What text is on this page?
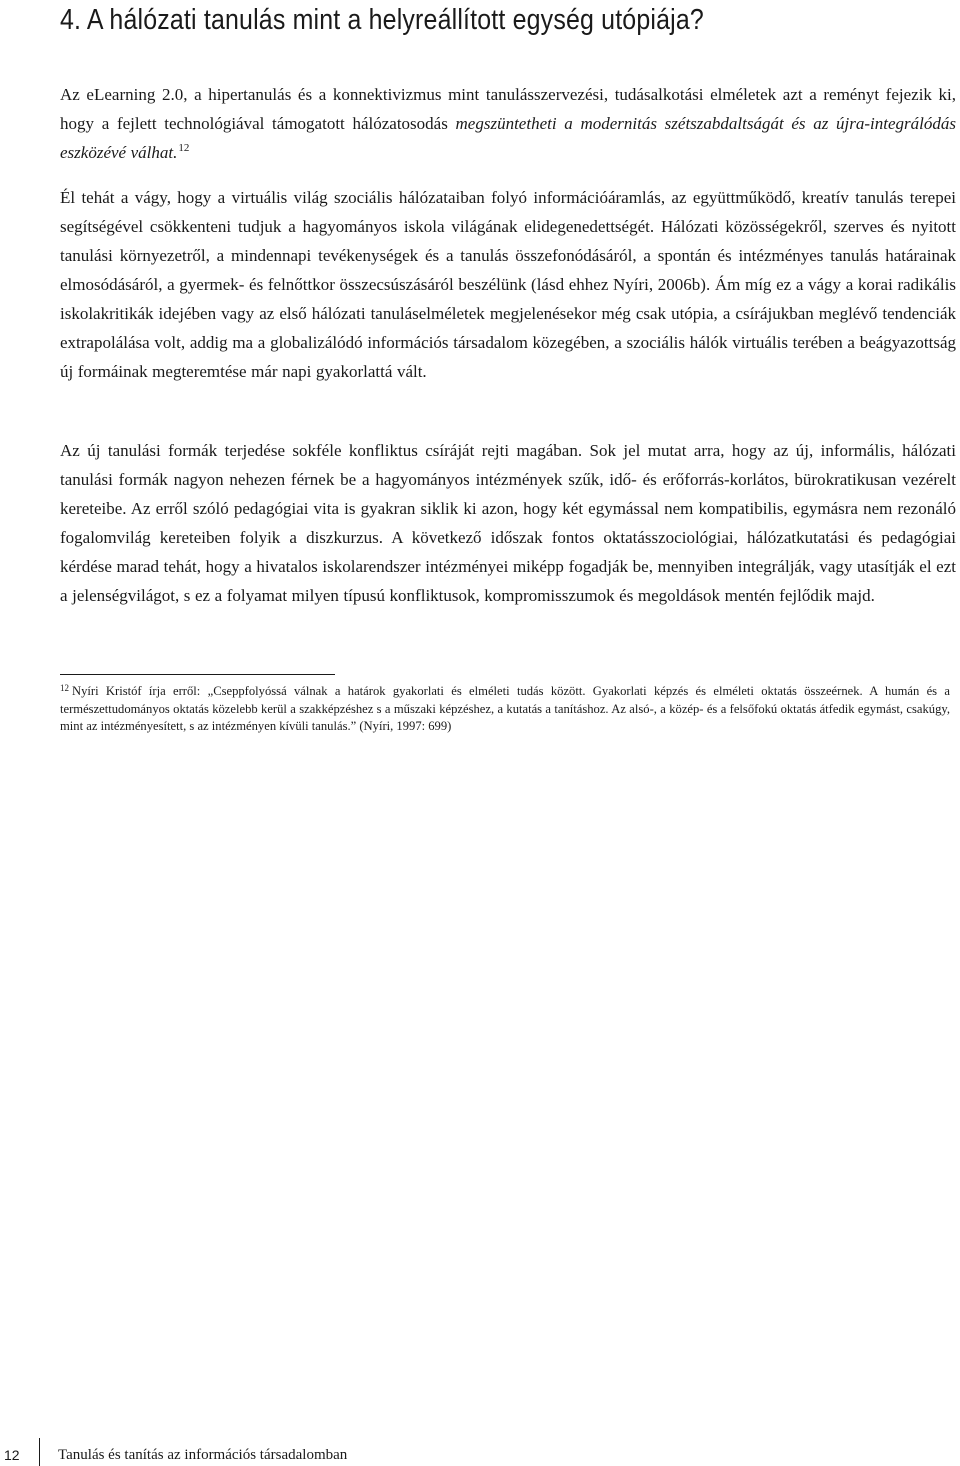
4. A hálózati tanulás mint a helyreállított egység utópiája?

Az eLearning 2.0, a hipertanulás és a konnektivizmus mint tanulásszervezési, tudásalkotási elméletek azt a reményt fejezik ki, hogy a fejlett technológiával támogatott hálózatosodás megszüntetheti a modernitás szétszabdaltságát és az újra-integrálódás eszközévé válhat.$^{12}$

Él tehát a vágy, hogy a virtuális világ szociális hálózataiban folyó információáramlás, az együttműködő, kreatív tanulás terepei segítségével csökkenteni tudjuk a hagyományos iskola világának elidegenedettségét. Hálózati közösségekről, szerves és nyitott tanulási környezetről, a mindennapi tevékenységek és a tanulás összefonódásáról, a spontán és intézményes tanulás határainak elmosódásáról, a gyermek- és felnőttkor összecsúszásáról beszélünk (lásd ehhez Nyíri, 2006b). Ám míg ez a vágy a korai radikális iskolakritikák idejében vagy az első hálózati tanuláselméletek megjelenésekor még csak utópia, a csírájukban meglévő tendenciák extrapolálása volt, addig ma a globalizálódó információs társadalom közegében, a szociális hálók virtuális terében a beágyazottság új formáinak megteremtése már napi gyakorlattá vált.

Az új tanulási formák terjedése sokféle konfliktus csíráját rejti magában. Sok jel mutat arra, hogy az új, informális, hálózati tanulási formák nagyon nehezen férnek be a hagyományos intézmények szűk, idő- és erőforrás-korlátos, bürokratikusan vezérelt kereteibe. Az erről szóló pedagógiai vita is gyakran siklik ki azon, hogy két egymással nem kompatibilis, egymásra nem rezonáló fogalomvilág kereteiben folyik a diszkurzus. A következő időszak fontos oktatásszociológiai, hálózatkutatási és pedagógiai kérdése marad tehát, hogy a hivatalos iskolarendszer intézményei miképp fogadják be, mennyiben integrálják, vagy utasítják el ezt a jelenségvilágot, s ez a folyamat milyen típusú konfliktusok, kompromisszumok és megoldások mentén fejlődik majd.

$^{12}$ Nyíri Kristóf írja erről: „Cseppfolyóssá válnak a határok gyakorlati és elméleti tudás között. Gyakorlati képzés és elméleti oktatás összeérnek. A humán és a természettudományos oktatás közelebb kerül a szakképzéshez s a műszaki képzéshez, a kutatás a tanításhoz. Az alsó-, a közép- és a felsőfokú oktatás átfedik egymást, csakúgy, mint az intézményesített, s az intézményen kívüli tanulás.” (Nyíri, 1997: 699)

12	Tanulás és tanítás az információs társadalomban
